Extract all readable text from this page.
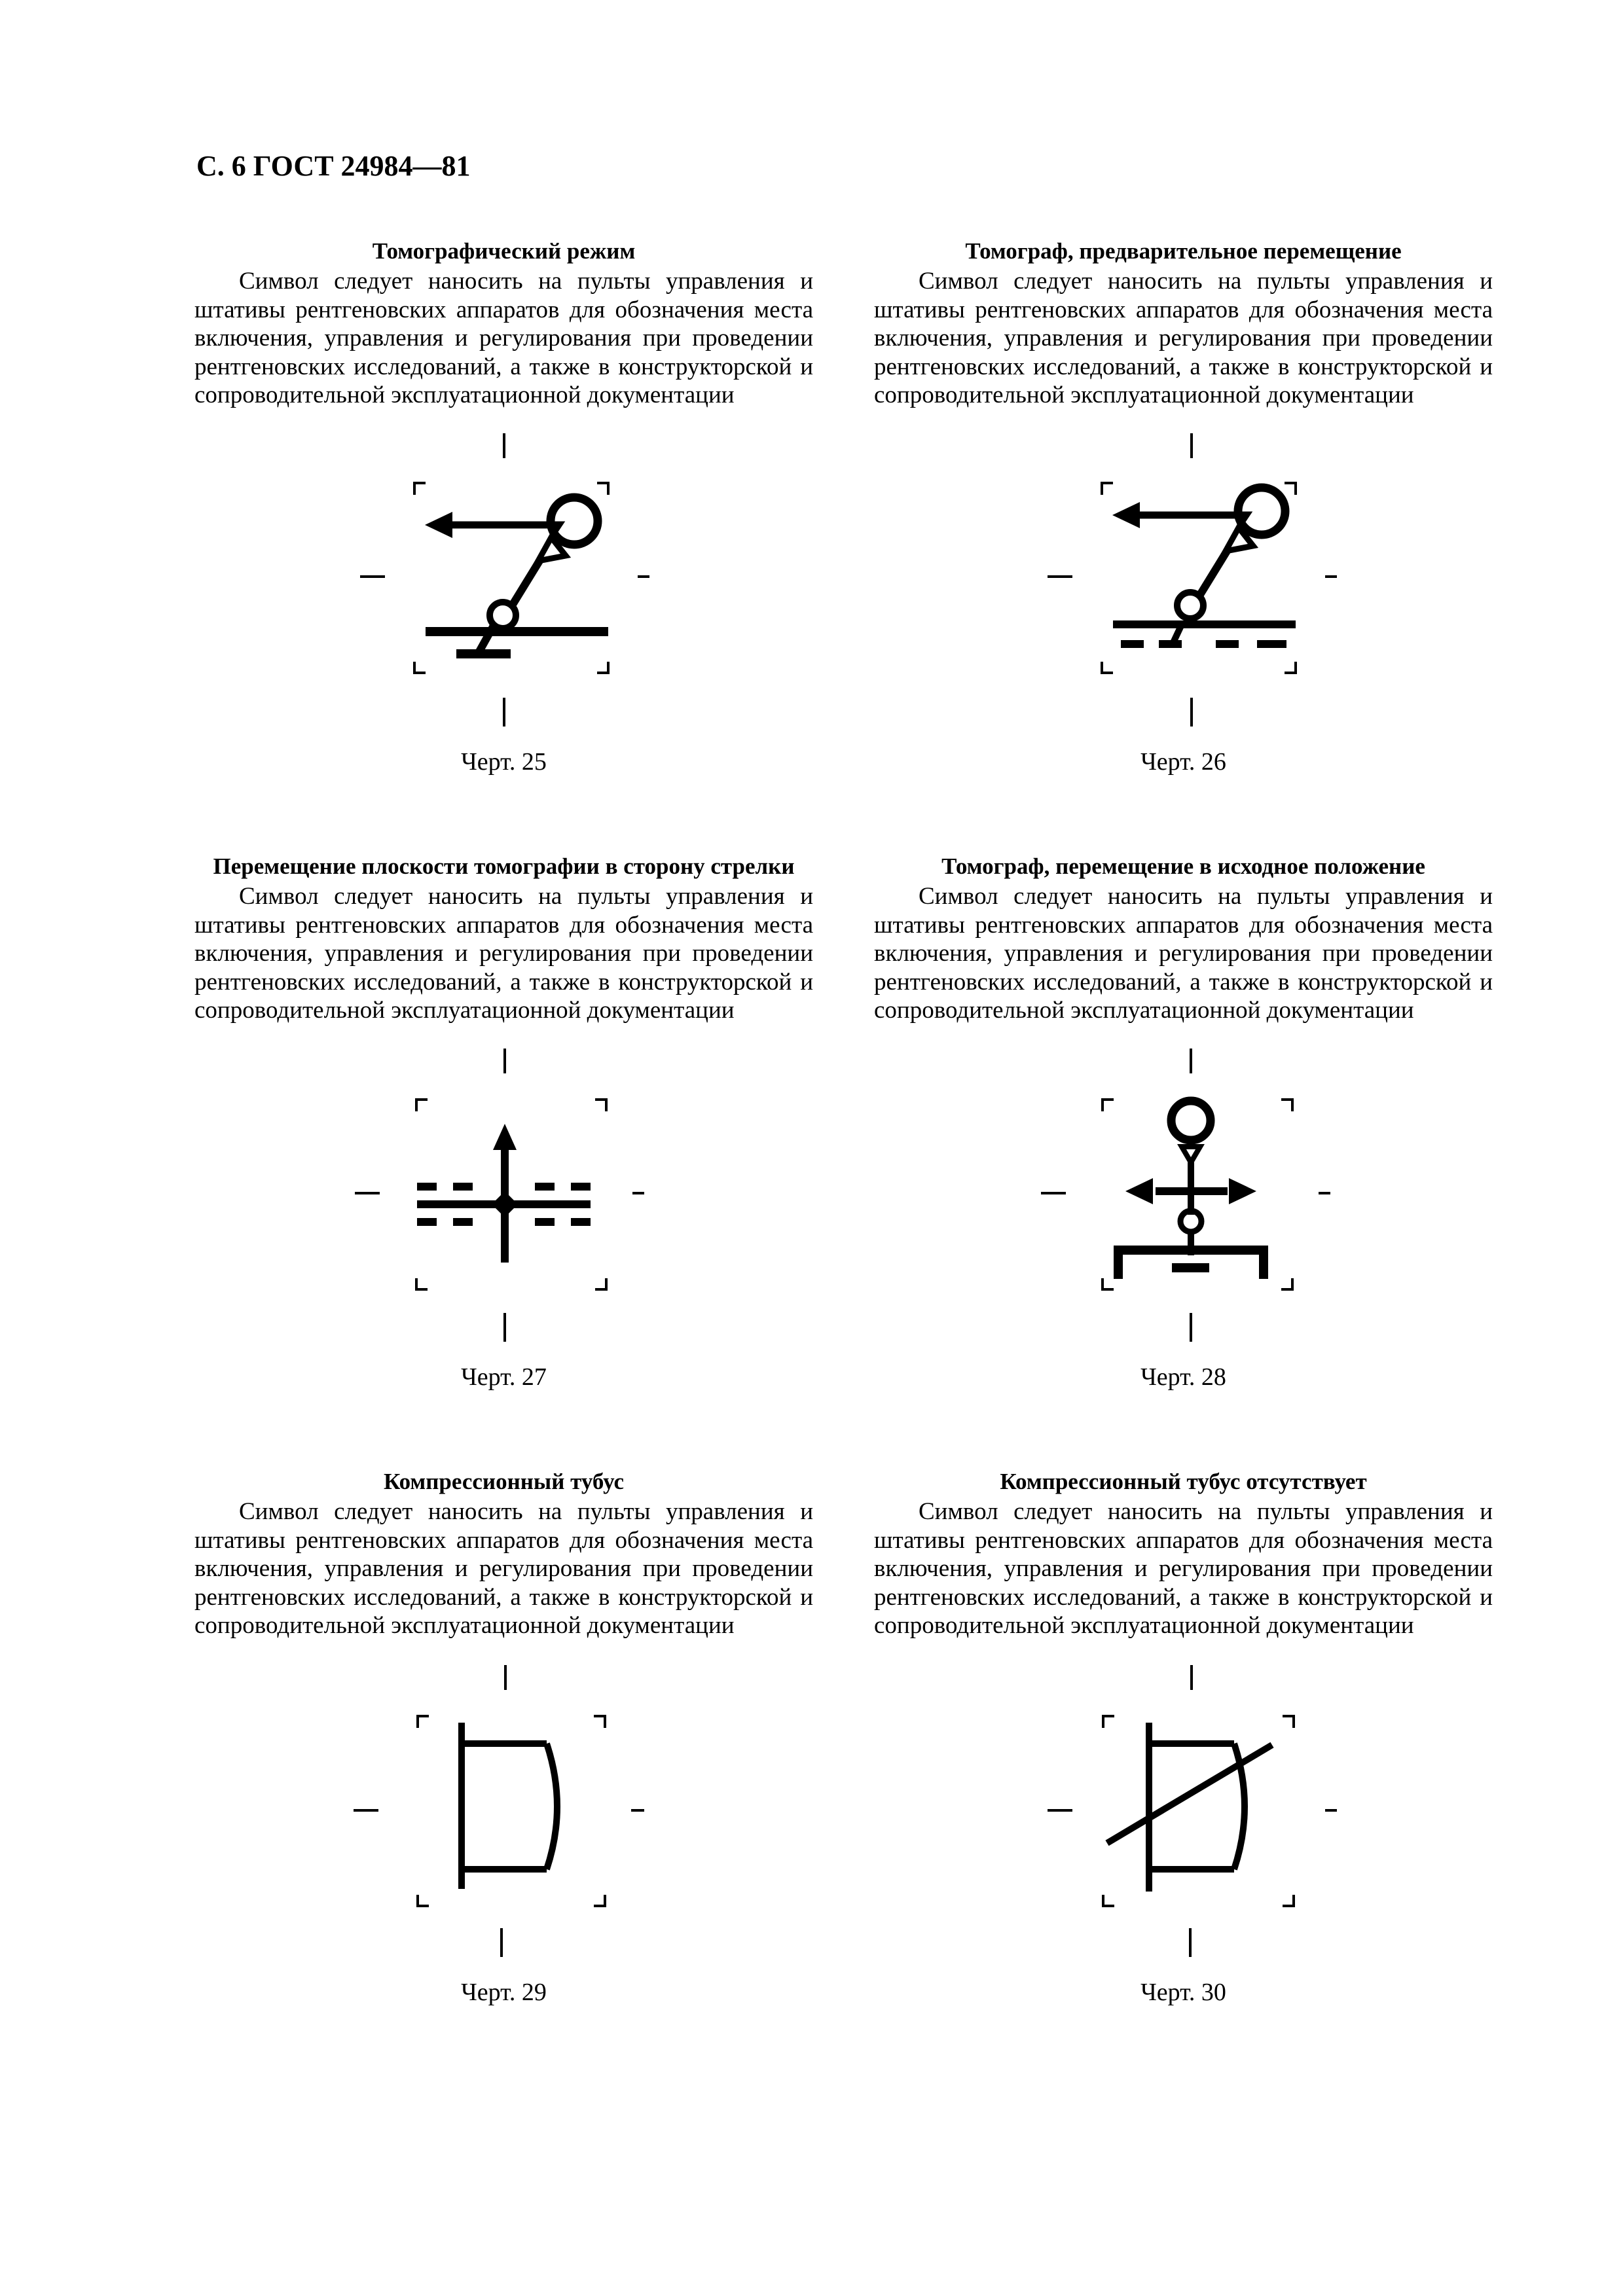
С. 6 ГОСТ 24984—81

Томографический режим

Символ следует наносить на пульты управления и штативы рентгеновских аппаратов для обозначения места включения, управления и регулирования при проведении рентгеновских исследований, а также в конструкторской и сопроводительной эксплуатационной документации

Черт. 25

Томограф, предварительное перемещение

Символ следует наносить на пульты управления и штативы рентгеновских аппаратов для обозначения места включения, управления и регулирования при проведении рентгеновских исследований, а также в конструкторской и сопроводительной эксплуатационной документации

Черт. 26

Перемещение плоскости томографии в сторону стрелки

Символ следует наносить на пульты управления и штативы рентгеновских аппаратов для обозначения места включения, управления и регулирования при проведении рентгеновских исследований, а также в конструкторской и сопроводительной эксплуатационной документации

Черт. 27

Томограф, перемещение в исходное положение

Символ следует наносить на пульты управления и штативы рентгеновских аппаратов для обозначения места включения, управления и регулирования при проведении рентгеновских исследований, а также в конструкторской и сопроводительной эксплуатационной документации

Черт. 28

Компрессионный тубус

Символ следует наносить на пульты управления и штативы рентгеновских аппаратов для обозначения места включения, управления и регулирования при проведении рентгеновских исследований, а также в конструкторской и сопроводительной эксплуатационной документации

Черт. 29

Компрессионный тубус отсутствует

Символ следует наносить на пульты управления и штативы рентгеновских аппаратов для обозначения места включения, управления и регулирования при проведении рентгеновских исследований, а также в конструкторской и сопроводительной эксплуатационной документации

Черт. 30
